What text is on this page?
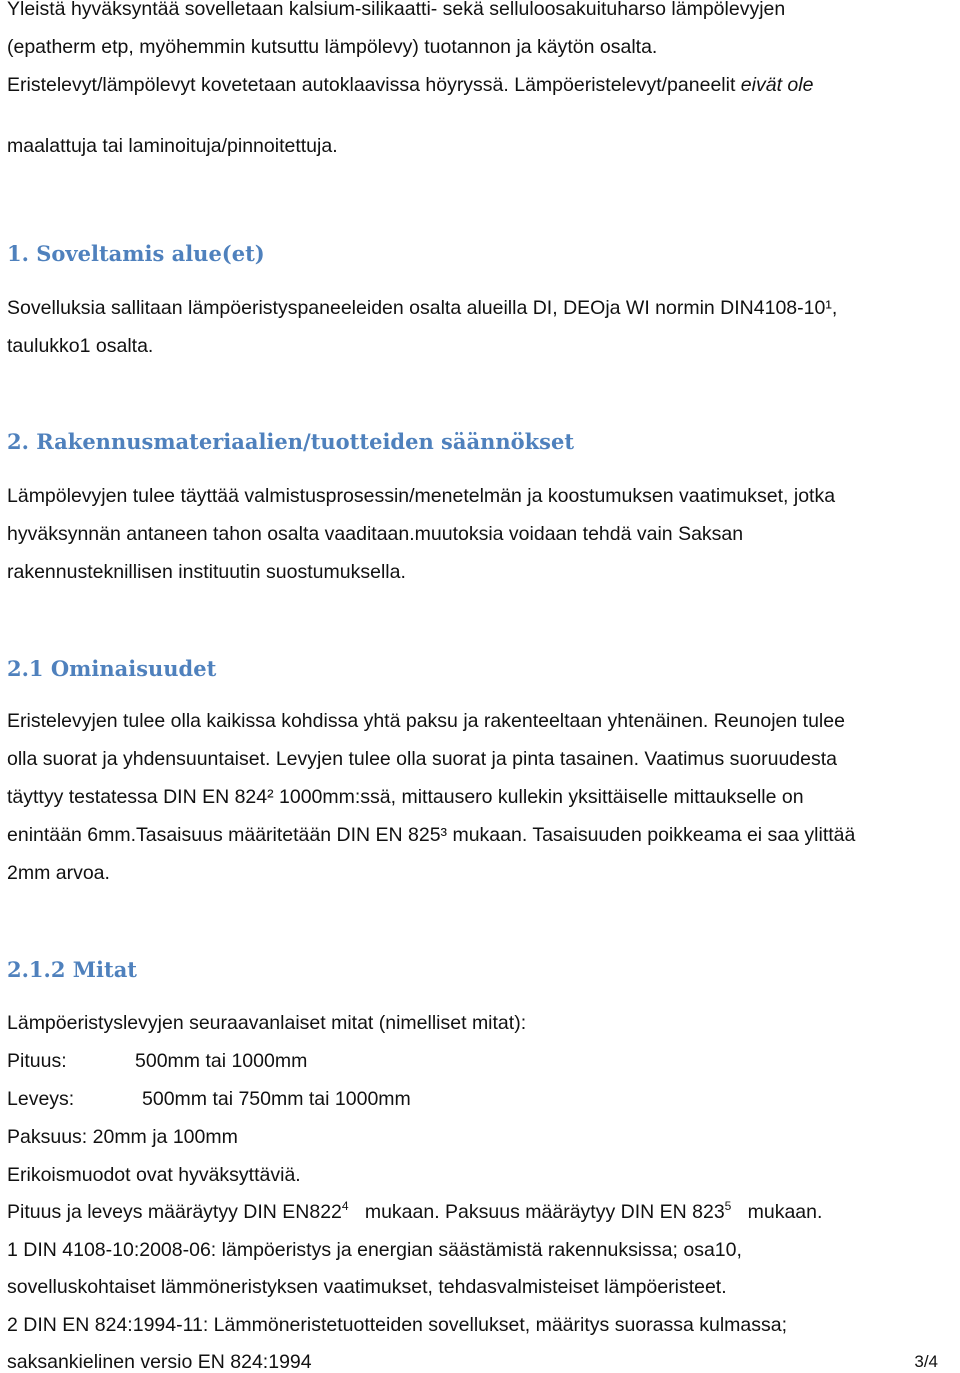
Yleistä hyväksyntää sovelletaan kalsium-silikaatti- sekä selluloosakuituharso lämpölevyjen

(epatherm etp, myöhemmin kutsuttu lämpölevy) tuotannon ja käytön osalta.

Eristelevyt/lämpölevyt kovetetaan autoklaavissa höyryssä. Lämpöeristelevyt/paneelit eivät ole

maalattuja tai laminoituja/pinnoitettuja.

1. Soveltamis alue(et)

Sovelluksia sallitaan lämpöeristyspaneeleiden osalta alueilla DI, DEOja WI normin DIN4108-10¹,

taulukko1 osalta.

2. Rakennusmateriaalien/tuotteiden säännökset

Lämpölevyjen tulee täyttää valmistusprosessin/menetelmän ja koostumuksen vaatimukset, jotka

hyväksynnän antaneen tahon osalta vaaditaan.muutoksia voidaan tehdä vain Saksan

rakennusteknillisen instituutin suostumuksella.

2.1 Ominaisuudet

Eristelevyjen tulee olla kaikissa kohdissa yhtä paksu ja rakenteeltaan yhtenäinen. Reunojen tulee

olla suorat ja yhdensuuntaiset. Levyjen tulee olla suorat ja pinta tasainen. Vaatimus suoruudesta

täyttyy testatessa DIN EN 824² 1000mm:ssä, mittausero kullekin yksittäiselle mittaukselle on

enintään 6mm.Tasaisuus määritetään DIN EN 825³ mukaan. Tasaisuuden poikkeama ei saa ylittää

2mm arvoa.

2.1.2 Mitat

Lämpöeristyslevyjen seuraavanlaiset mitat (nimelliset mitat):

Pituus:	500mm tai 1000mm
Leveys:	500mm tai 750mm tai 1000mm

Paksuus: 20mm ja 100mm

Erikoismuodot ovat hyväksyttäviä.

Pituus ja leveys määräytyy DIN $EN822^4$ mukaan. Paksuus määräytyy DIN EN $823^5$ mukaan.

1 DIN 4108-10:2008-06: lämpöeristys ja energian säästämistä rakennuksissa; osa10,

sovelluskohtaiset lämmöneristyksen vaatimukset, tehdasvalmisteiset lämpöeristeet.

2 DIN EN 824:1994-11: Lämmöneristetuotteiden sovellukset, määritys suorassa kulmassa;

saksankielinen versio EN 824:1994	3/4
